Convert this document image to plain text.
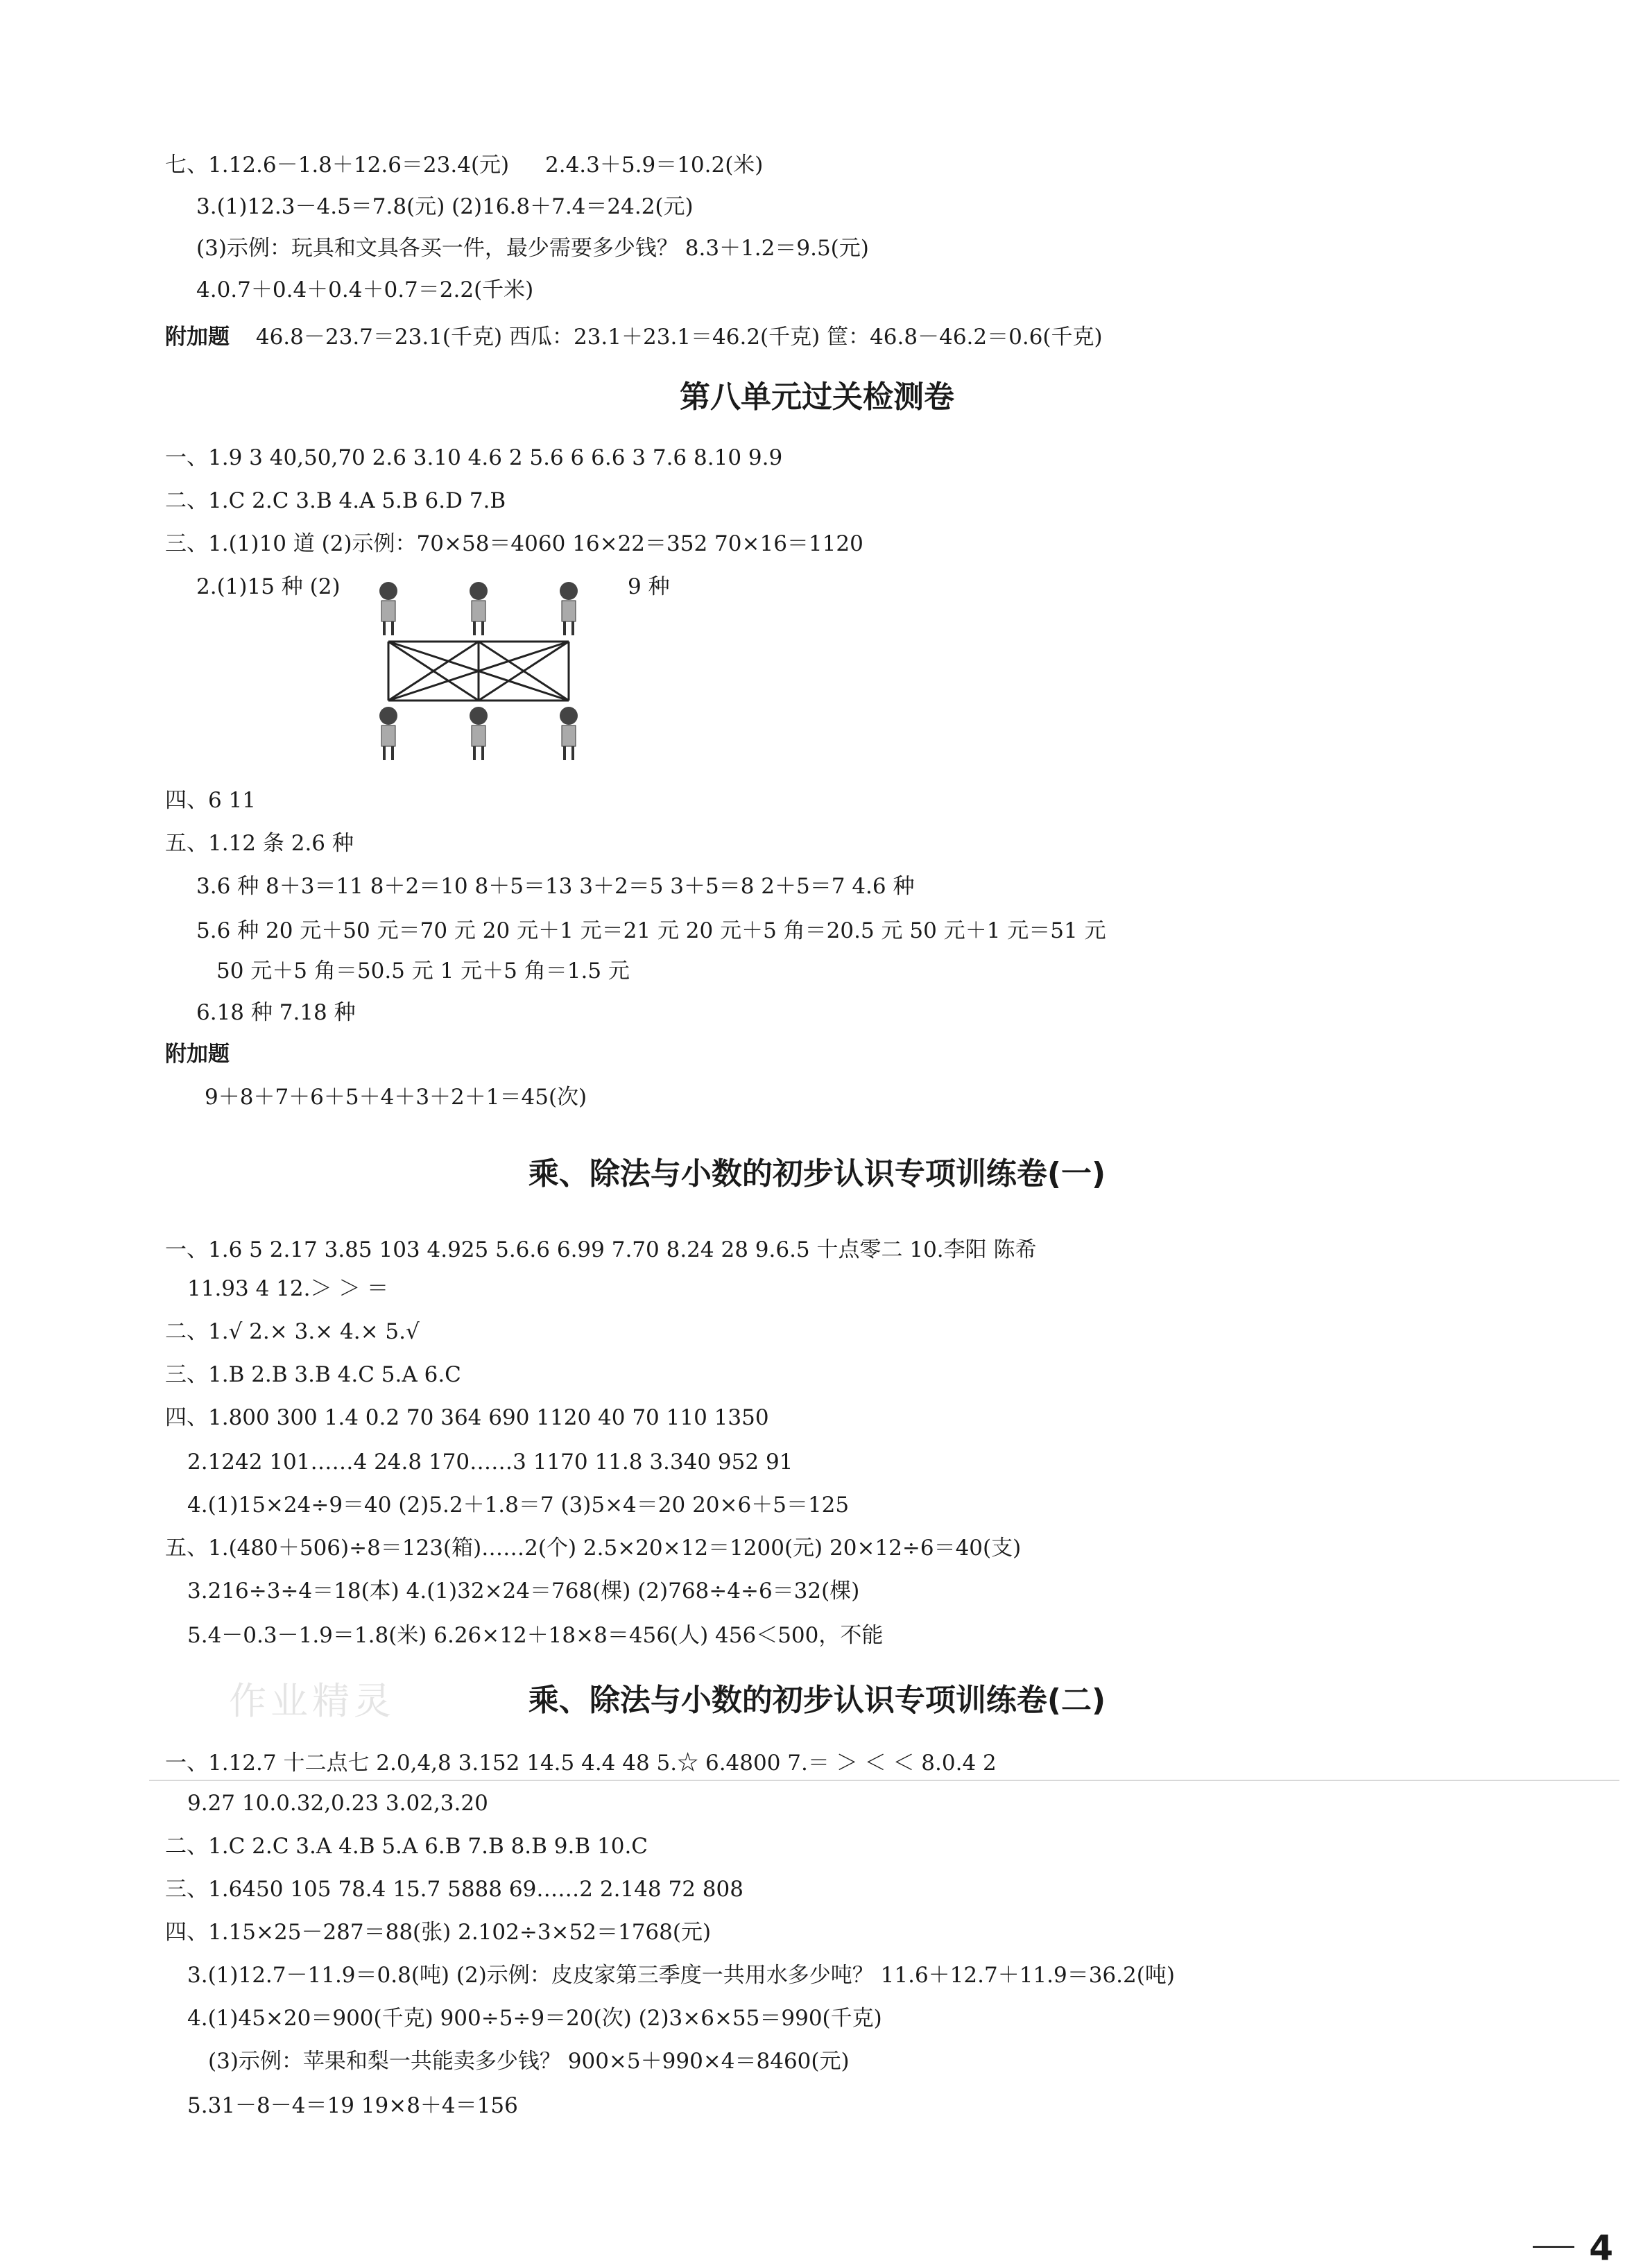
七、1.12.6－1.8＋12.6＝23.4(元) 2.4.3＋5.9＝10.2(米)
3.(1)12.3－4.5＝7.8(元) (2)16.8＋7.4＝24.2(元)
(3)示例：玩具和文具各买一件，最少需要多少钱？ 8.3＋1.2＝9.5(元)
4.0.7＋0.4＋0.4＋0.7＝2.2(千米)
附加题 46.8－23.7＝23.1(千克) 西瓜：23.1＋23.1＝46.2(千克) 筐：46.8－46.2＝0.6(千克)
第八单元过关检测卷
一、1.9 3 40,50,70 2.6 3.10 4.6 2 5.6 6 6.6 3 7.6 8.10 9.9
二、1.C 2.C 3.B 4.A 5.B 6.D 7.B
三、1.(1)10 道 (2)示例：70×58＝4060 16×22＝352 70×16＝1120
2.(1)15 种 (2)	9 种
四、6 11
五、1.12 条 2.6 种
3.6 种 8＋3＝11 8＋2＝10 8＋5＝13 3＋2＝5 3＋5＝8 2＋5＝7 4.6 种
5.6 种 20 元＋50 元＝70 元 20 元＋1 元＝21 元 20 元＋5 角＝20.5 元 50 元＋1 元＝51 元
50 元＋5 角＝50.5 元 1 元＋5 角＝1.5 元
6.18 种 7.18 种
附加题
9＋8＋7＋6＋5＋4＋3＋2＋1＝45(次)
乘、除法与小数的初步认识专项训练卷(一)
一、1.6 5 2.17 3.85 103 4.925 5.6.6 6.99 7.70 8.24 28 9.6.5 十点零二 10.李阳 陈希
11.93 4 12.＞ ＞ ＝
二、1.√ 2.× 3.× 4.× 5.√
三、1.B 2.B 3.B 4.C 5.A 6.C
四、1.800 300 1.4 0.2 70 364 690 1120 40 70 110 1350
2.1242 101……4 24.8 170……3 1170 11.8 3.340 952 91
4.(1)15×24÷9＝40 (2)5.2＋1.8＝7 (3)5×4＝20 20×6＋5＝125
五、1.(480＋506)÷8＝123(箱)……2(个) 2.5×20×12＝1200(元) 20×12÷6＝40(支)
3.216÷3÷4＝18(本) 4.(1)32×24＝768(棵) (2)768÷4÷6＝32(棵)
5.4－0.3－1.9＝1.8(米) 6.26×12＋18×8＝456(人) 456＜500，不能
作业精灵	乘、除法与小数的初步认识专项训练卷(二)
一、1.12.7 十二点七 2.0,4,8 3.152 14.5 4.4 48 5.☆ 6.4800 7.＝ ＞ ＜ ＜ 8.0.4 2
9.27 10.0.32,0.23 3.02,3.20
二、1.C 2.C 3.A 4.B 5.A 6.B 7.B 8.B 9.B 10.C
三、1.6450 105 78.4 15.7 5888 69……2 2.148 72 808
四、1.15×25－287＝88(张) 2.102÷3×52＝1768(元)
3.(1)12.7－11.9＝0.8(吨) (2)示例：皮皮家第三季度一共用水多少吨？ 11.6＋12.7＋11.9＝36.2(吨)
4.(1)45×20＝900(千克) 900÷5÷9＝20(次) (2)3×6×55＝990(千克)
(3)示例：苹果和梨一共能卖多少钱？ 900×5＋990×4＝8460(元)
5.31－8－4＝19 19×8＋4＝156
4
